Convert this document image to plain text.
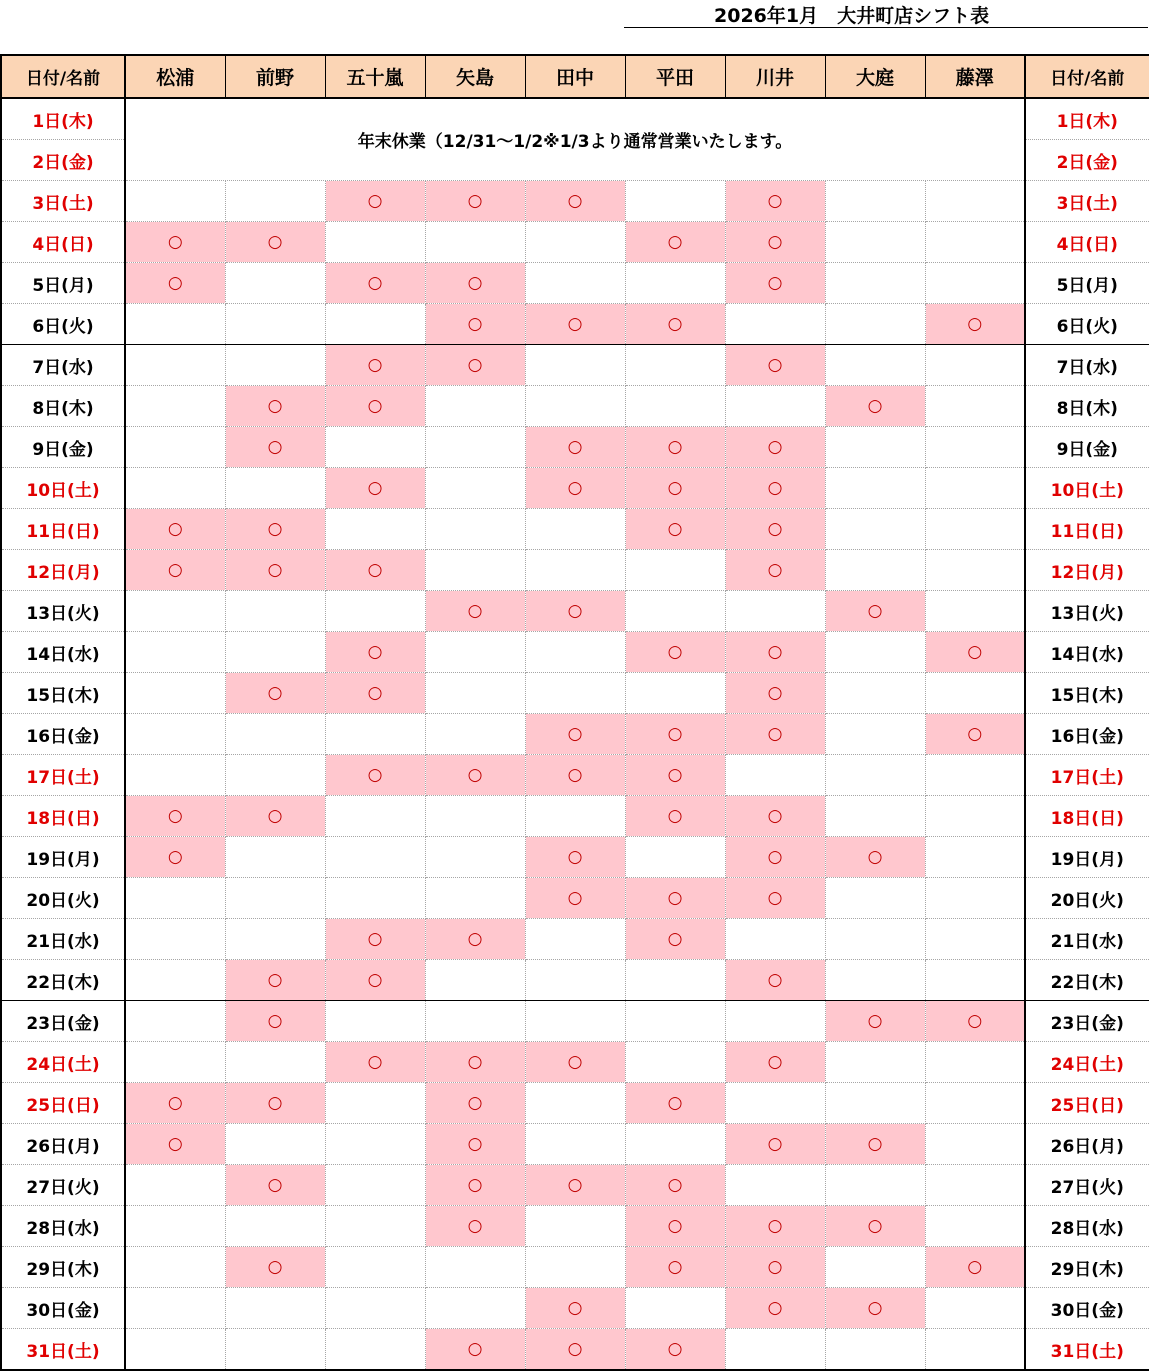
2026年1月　大井町店シフト表
日付/名前	松浦	前野	五十嵐	矢島	田中	平田	川井	大庭	藤澤	日付/名前
1日(木)	年末休業（12/31〜1/2※1/3より通常営業いたします。									1日(木)
2日(金)										2日(金)
3日(土)			○	○	○		○			3日(土)
4日(日)	○	○				○	○			4日(日)
5日(月)	○		○	○			○			5日(月)
6日(火)				○	○	○			○	6日(火)
7日(水)			○	○			○			7日(水)
8日(木)		○	○					○		8日(木)
9日(金)		○			○	○	○			9日(金)
10日(土)			○		○	○	○			10日(土)
11日(日)	○	○				○	○			11日(日)
12日(月)	○	○	○				○			12日(月)
13日(火)				○	○			○		13日(火)
14日(水)			○			○	○		○	14日(水)
15日(木)		○	○				○			15日(木)
16日(金)					○	○	○		○	16日(金)
17日(土)			○	○	○	○				17日(土)
18日(日)	○	○				○	○			18日(日)
19日(月)	○				○		○	○		19日(月)
20日(火)					○	○	○			20日(火)
21日(水)			○	○		○				21日(水)
22日(木)		○	○				○			22日(木)
23日(金)		○						○	○	23日(金)
24日(土)			○	○	○		○			24日(土)
25日(日)	○	○		○		○				25日(日)
26日(月)	○			○			○	○		26日(月)
27日(火)		○		○	○	○				27日(火)
28日(水)				○		○	○	○		28日(水)
29日(木)		○				○	○		○	29日(木)
30日(金)					○		○	○		30日(金)
31日(土)				○	○	○				31日(土)
